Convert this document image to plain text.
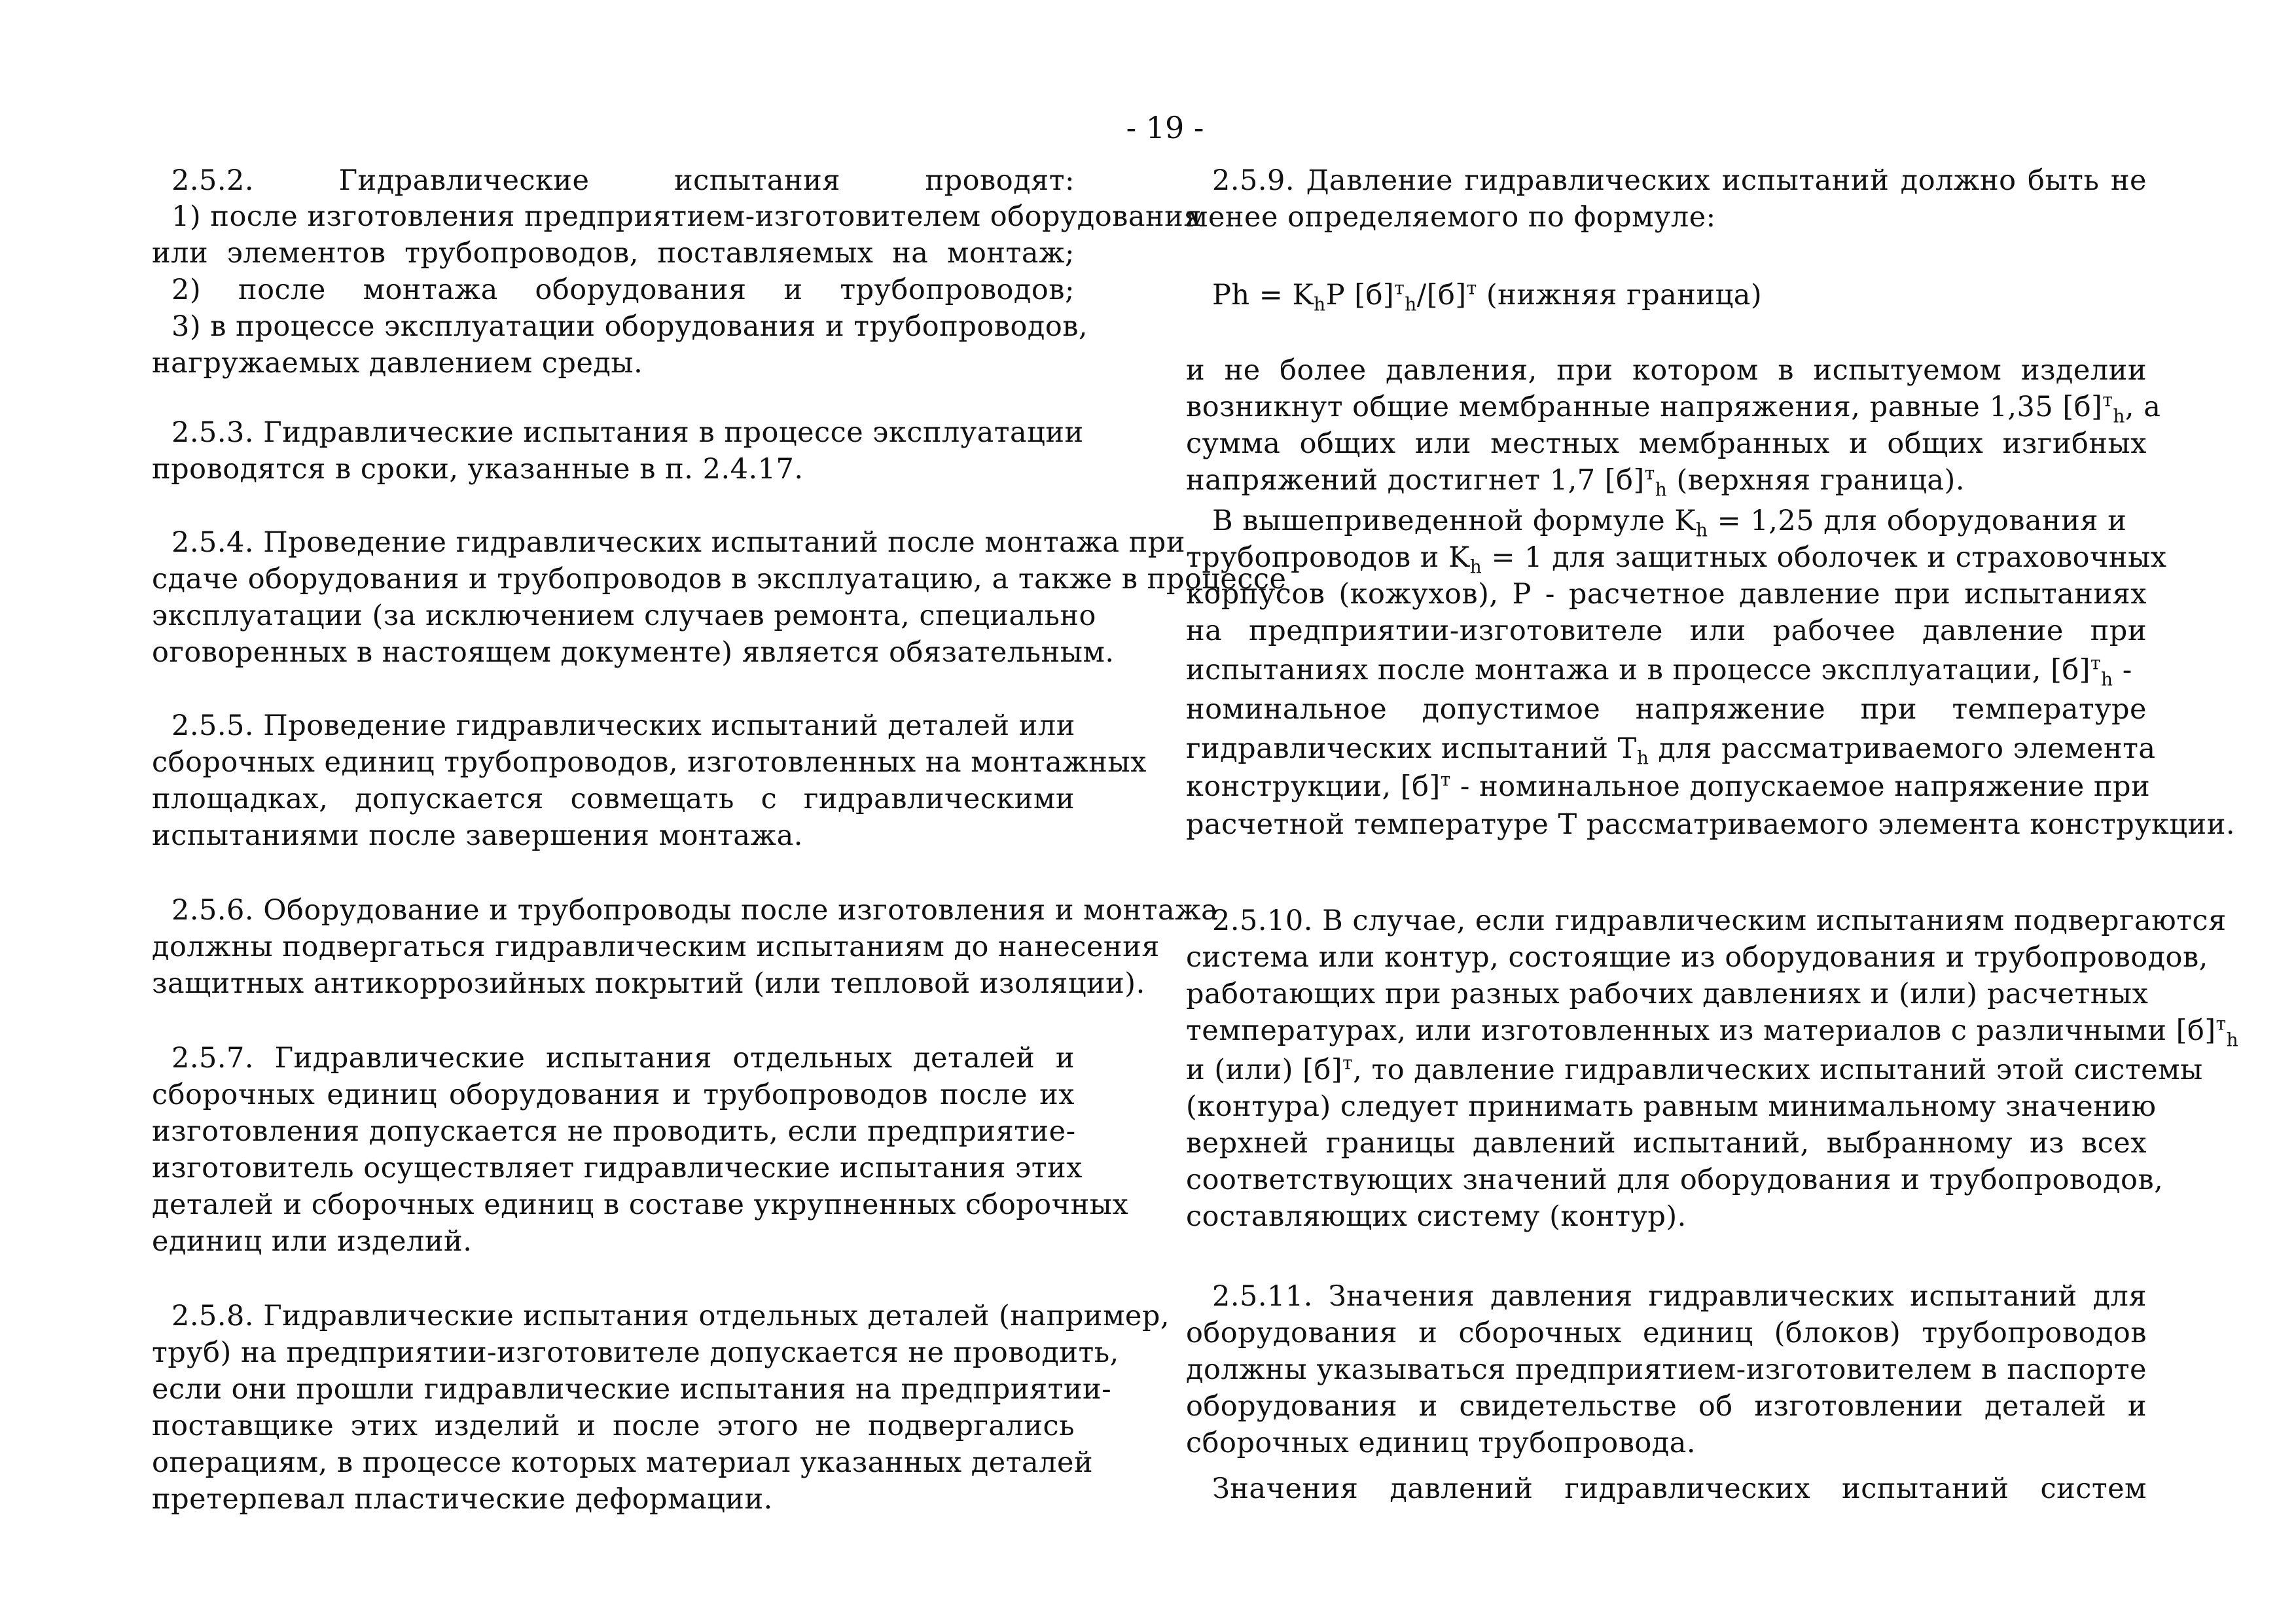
- 19 -
2.5.2. Гидравлические испытания проводят:
1) после изготовления предприятием-изготовителем оборудования
или элементов трубопроводов, поставляемых на монтаж;
2) после монтажа оборудования и трубопроводов;
3) в процессе эксплуатации оборудования и трубопроводов,
нагружаемых давлением среды.
2.5.3. Гидравлические испытания в процессе эксплуатации
проводятся в сроки, указанные в п. 2.4.17.
2.5.4. Проведение гидравлических испытаний после монтажа при
сдаче оборудования и трубопроводов в эксплуатацию, а также в процессе
эксплуатации (за исключением случаев ремонта, специально
оговоренных в настоящем документе) является обязательным.
2.5.5. Проведение гидравлических испытаний деталей или
сборочных единиц трубопроводов, изготовленных на монтажных
площадках, допускается совмещать с гидравлическими
испытаниями после завершения монтажа.
2.5.6. Оборудование и трубопроводы после изготовления и монтажа
должны подвергаться гидравлическим испытаниям до нанесения
защитных антикоррозийных покрытий (или тепловой изоляции).
2.5.7. Гидравлические испытания отдельных деталей и
сборочных единиц оборудования и трубопроводов после их
изготовления допускается не проводить, если предприятие-
изготовитель осуществляет гидравлические испытания этих
деталей и сборочных единиц в составе укрупненных сборочных
единиц или изделий.
2.5.8. Гидравлические испытания отдельных деталей (например,
труб) на предприятии-изготовителе допускается не проводить,
если они прошли гидравлические испытания на предприятии-
поставщике этих изделий и после этого не подвергались
операциям, в процессе которых материал указанных деталей
претерпевал пластические деформации.
2.5.9. Давление гидравлических испытаний должно быть не
менее определяемого по формуле:
$Ph = K_hP$ $[б]^т_h/[б]^т$ (нижняя граница)
и не более давления, при котором в испытуемом изделии
возникнут общие мембранные напряжения, равные 1,35 $[б]^т_h$, а
сумма общих или местных мембранных и общих изгибных
напряжений достигнет 1,7 $[б]^т_h$ (верхняя граница).
В вышеприведенной формуле $K_h = 1,25$ для оборудования и
трубопроводов и $K_h = 1$ для защитных оболочек и страховочных
корпусов (кожухов), P - расчетное давление при испытаниях
на предприятии-изготовителе или рабочее давление при
испытаниях после монтажа и в процессе эксплуатации, $[б]^т_h$ -
номинальное допустимое напряжение при температуре
гидравлических испытаний $T_h$ для рассматриваемого элемента
конструкции, $[б]^т$ - номинальное допускаемое напряжение при
расчетной температуре T рассматриваемого элемента конструкции.
2.5.10. В случае, если гидравлическим испытаниям подвергаются
система или контур, состоящие из оборудования и трубопроводов,
работающих при разных рабочих давлениях и (или) расчетных
температурах, или изготовленных из материалов с различными $[б]^т_h$
и (или) $[б]^т$, то давление гидравлических испытаний этой системы
(контура) следует принимать равным минимальному значению
верхней границы давлений испытаний, выбранному из всех
соответствующих значений для оборудования и трубопроводов,
составляющих систему (контур).
2.5.11. Значения давления гидравлических испытаний для
оборудования и сборочных единиц (блоков) трубопроводов
должны указываться предприятием-изготовителем в паспорте
оборудования и свидетельстве об изготовлении деталей и
сборочных единиц трубопровода.
Значения давлений гидравлических испытаний систем
